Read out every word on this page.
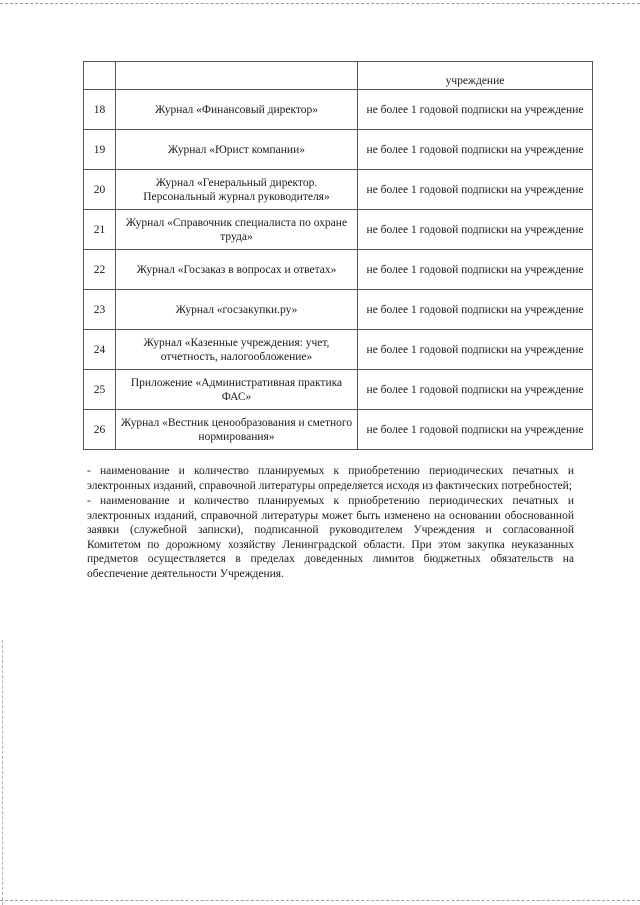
		учреждение
18	Журнал «Финансовый директор»	не более 1 годовой подписки на учреждение
19	Журнал «Юрист компании»	не более 1 годовой подписки на учреждение
20	Журнал «Генеральный директор. Персональный журнал руководителя»	не более 1 годовой подписки на учреждение
21	Журнал «Справочник специалиста по охране труда»	не более 1 годовой подписки на учреждение
22	Журнал «Госзаказ в вопросах и ответах»	не более 1 годовой подписки на учреждение
23	Журнал «госзакупки.ру»	не более 1 годовой подписки на учреждение
24	Журнал «Казенные учреждения: учет, отчетность, налогообложение»	не более 1 годовой подписки на учреждение
25	Приложение «Административная практика ФАС»	не более 1 годовой подписки на учреждение
26	Журнал «Вестник ценообразования и сметного нормирования»	не более 1 годовой подписки на учреждение

- наименование и количество планируемых к приобретению периодических печатных и электронных изданий, справочной литературы определяется исходя из фактических потребностей;

- наименование и количество планируемых к приобретению периодических печатных и электронных изданий, справочной литературы может быть изменено на основании обоснованной заявки (служебной записки), подписанной руководителем Учреждения и согласованной Комитетом по дорожному хозяйству Ленинградской области. При этом закупка неуказанных предметов осуществляется в пределах доведенных лимитов бюджетных обязательств на обеспечение деятельности Учреждения.
